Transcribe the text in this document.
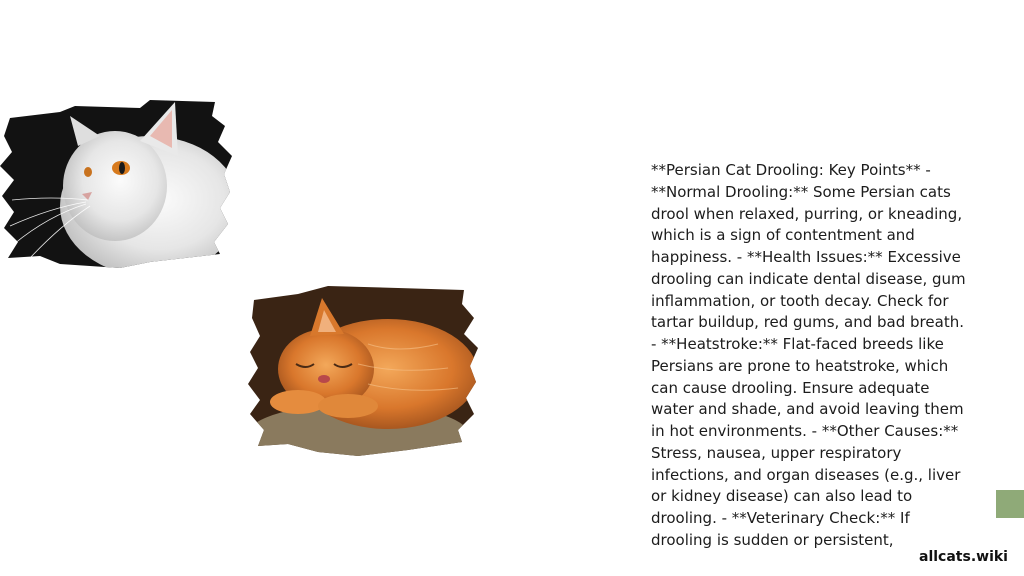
**Persian Cat Drooling: Key Points** - **Normal Drooling:** Some Persian cats drool when relaxed, purring, or kneading, which is a sign of contentment and happiness. - **Health Issues:** Excessive drooling can indicate dental disease, gum inflammation, or tooth decay. Check for tartar buildup, red gums, and bad breath. - **Heatstroke:** Flat-faced breeds like Persians are prone to heatstroke, which can cause drooling. Ensure adequate water and shade, and avoid leaving them in hot environments. - **Other Causes:** Stress, nausea, upper respiratory infections, and organ diseases (e.g., liver or kidney disease) can also lead to drooling. - **Veterinary Check:** If drooling is sudden or persistent,

allcats.wiki
